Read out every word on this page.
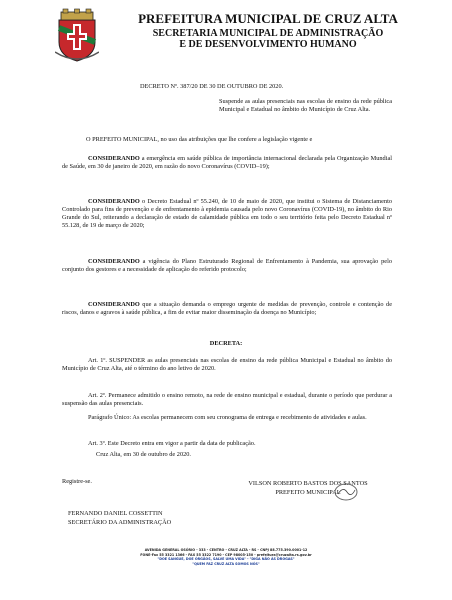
PREFEITURA MUNICIPAL DE CRUZ ALTA
SECRETARIA MUNICIPAL DE ADMINISTRAÇÃO
E DE DESENVOLVIMENTO HUMANO
DECRETO Nº. 387/20 DE 30 DE OUTUBRO DE 2020.
Suspende as aulas presenciais nas escolas de ensino da rede pública Municipal e Estadual no âmbito do Município de Cruz Alta.
O PREFEITO MUNICIPAL, no uso das atribuições que lhe confere a legislação vigente e
CONSIDERANDO a emergência em saúde pública de importância internacional declarada pela Organização Mundial de Saúde, em 30 de janeiro de 2020, em razão do novo Coronavírus (COVID–19);
CONSIDERANDO o Decreto Estadual nº 55.240, de 10 de maio de 2020, que institui o Sistema de Distanciamento Controlado para fins de prevenção e de enfrentamento à epidemia causada pelo novo Coronavírus (COVID-19), no âmbito do Rio Grande do Sul, reiterando a declaração de estado de calamidade pública em todo o seu território feita pelo Decreto Estadual nº 55.128, de 19 de março de 2020;
CONSIDERANDO a vigência do Plano Estruturado Regional de Enfrentamento à Pandemia, sua aprovação pelo conjunto dos gestores e a necessidade de aplicação do referido protocolo;
CONSIDERANDO que a situação demanda o emprego urgente de medidas de prevenção, controle e contenção de riscos, danos e agravos à saúde pública, a fim de evitar maior disseminação da doença no Município;
DECRETA:
Art. 1º. SUSPENDER as aulas presenciais nas escolas de ensino da rede pública Municipal e Estadual no âmbito do Município de Cruz Alta, até o término do ano letivo de 2020.
Art. 2º. Permanece admitido o ensino remoto, na rede de ensino municipal e estadual, durante o período que perdurar a suspensão das aulas presenciais.
Parágrafo Único: As escolas permanecem com seu cronograma de entrega e recebimento de atividades e aulas.
Art. 3º. Este Decreto entra em vigor a partir da data de publicação.
Cruz Alta, em 30 de outubro de 2020.
Registre-se.	VILSON ROBERTO BASTOS DOS SANTOS
PREFEITO MUNICIPAL
FERNANDO DANIEL COSSETTIN
SECRETÁRIO DA ADMINISTRAÇÃO
AVENIDA GENERAL OSÓRIO - 333 - CENTRO - CRUZ ALTA - RS - CNPJ 88.775.390.0001-12
FONE-Fax 55 3321 1366 - FAX 55 3322 7190 - CEP 98005-150 - prefeitura@cruzalta.rs.gov.br
"DOE SANGUE, DOE ÓRGÃOS, SALVE UMA VIDA" - "DIGA NÃO ÀS DROGAS"
"QUEM FAZ CRUZ ALTA SOMOS NÓS"
